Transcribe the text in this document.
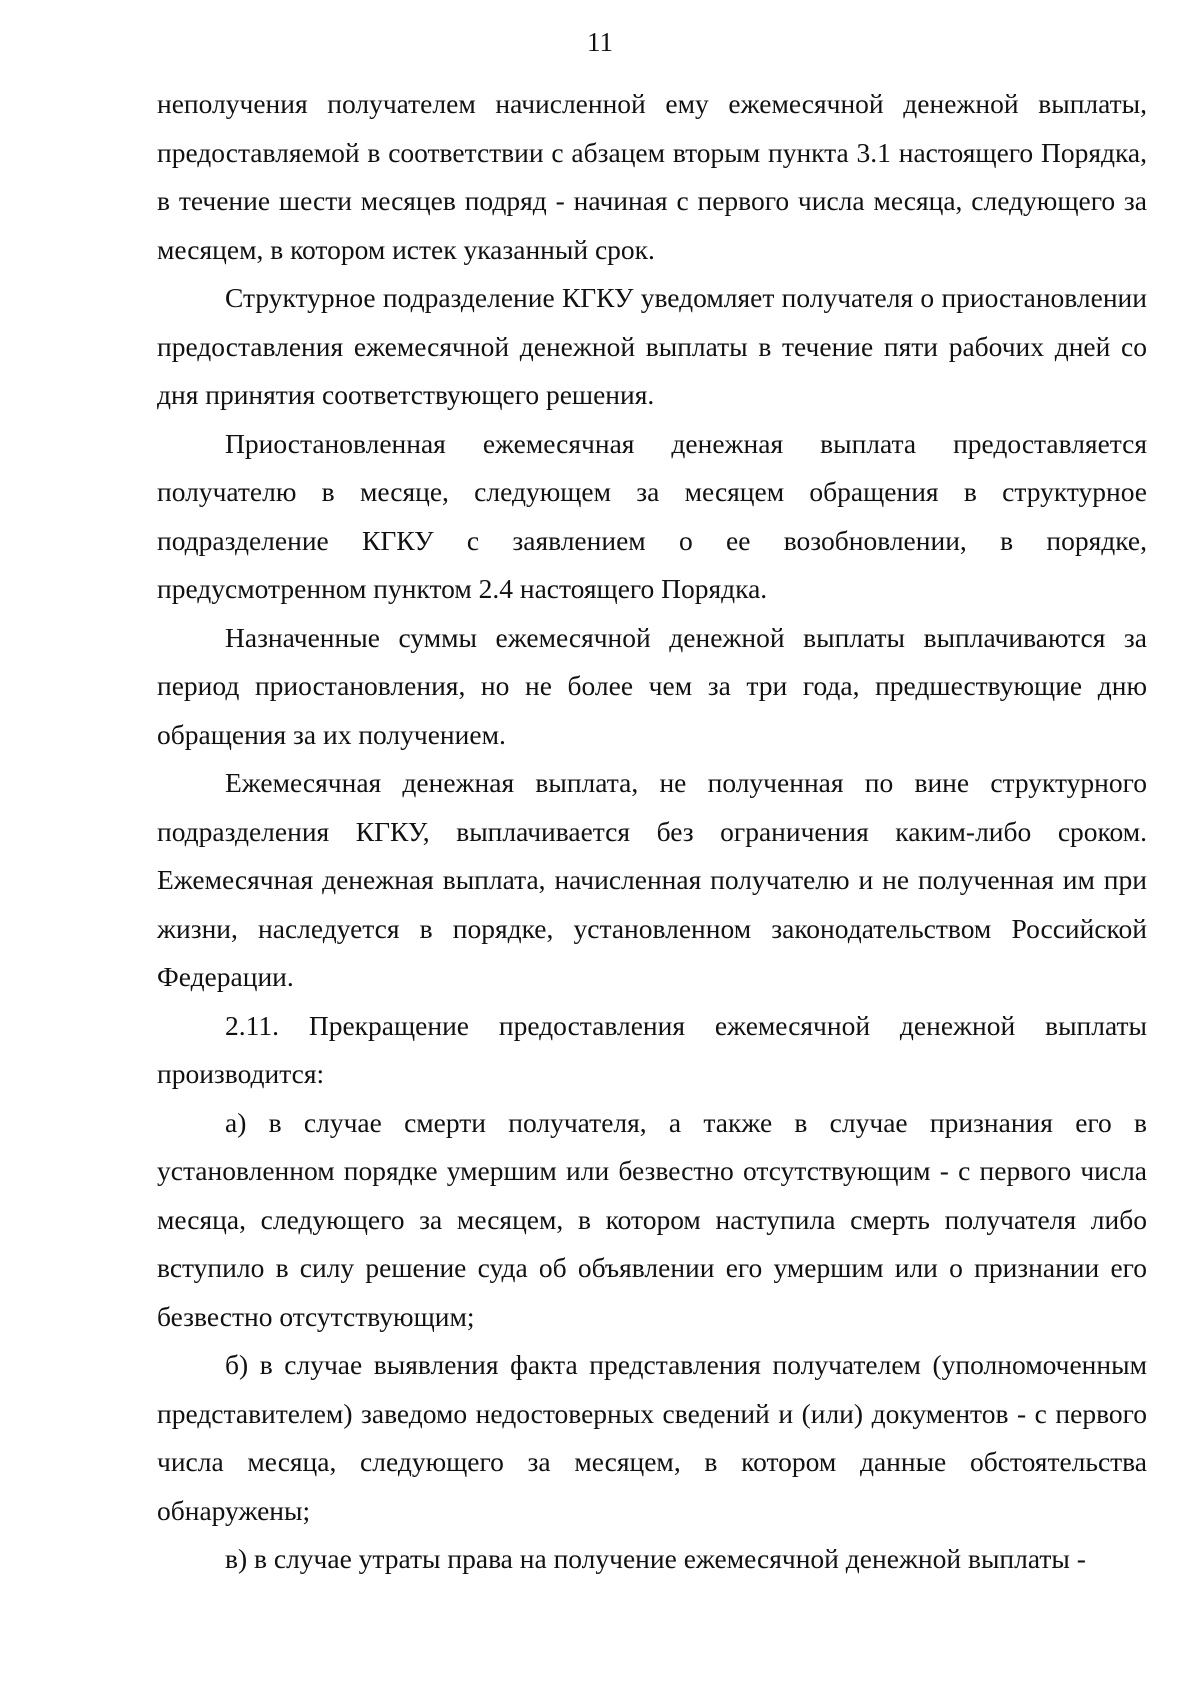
11

неполучения получателем начисленной ему ежемесячной денежной выплаты, предоставляемой в соответствии с абзацем вторым пункта 3.1 настоящего Порядка, в течение шести месяцев подряд - начиная с первого числа месяца, следующего за месяцем, в котором истек указанный срок.

Структурное подразделение КГКУ уведомляет получателя о приостановлении предоставления ежемесячной денежной выплаты в течение пяти рабочих дней со дня принятия соответствующего решения.

Приостановленная ежемесячная денежная выплата предоставляется получателю в месяце, следующем за месяцем обращения в структурное подразделение КГКУ с заявлением о ее возобновлении, в порядке, предусмотренном пунктом 2.4 настоящего Порядка.

Назначенные суммы ежемесячной денежной выплаты выплачиваются за период приостановления, но не более чем за три года, предшествующие дню обращения за их получением.

Ежемесячная денежная выплата, не полученная по вине структурного подразделения КГКУ, выплачивается без ограничения каким-либо сроком. Ежемесячная денежная выплата, начисленная получателю и не полученная им при жизни, наследуется в порядке, установленном законодательством Российской Федерации.

2.11. Прекращение предоставления ежемесячной денежной выплаты производится:

а) в случае смерти получателя, а также в случае признания его в установленном порядке умершим или безвестно отсутствующим - с первого числа месяца, следующего за месяцем, в котором наступила смерть получателя либо вступило в силу решение суда об объявлении его умершим или о признании его безвестно отсутствующим;

б) в случае выявления факта представления получателем (уполномоченным представителем) заведомо недостоверных сведений и (или) документов - с первого числа месяца, следующего за месяцем, в котором данные обстоятельства обнаружены;

в) в случае утраты права на получение ежемесячной денежной выплаты -
